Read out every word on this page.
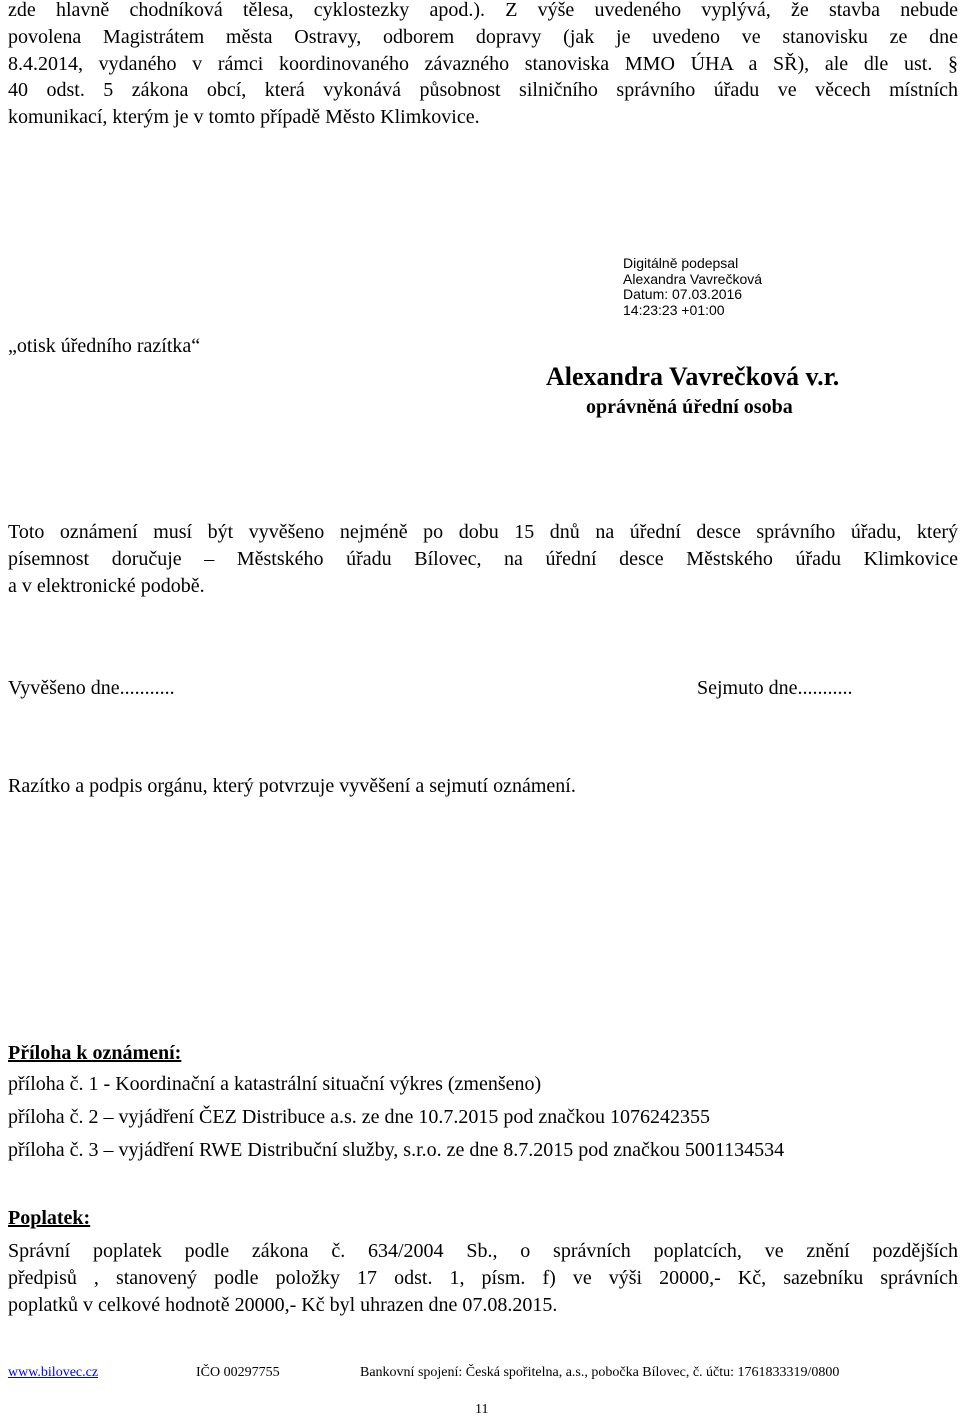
zde hlavně chodníková tělesa, cyklostezky apod.). Z výše uvedeného vyplývá, že stavba nebude
povolena Magistrátem města Ostravy, odborem dopravy (jak je uvedeno ve stanovisku ze dne
8.4.2014, vydaného v rámci koordinovaného závazného stanoviska MMO ÚHA a SŘ), ale dle ust. §
40 odst. 5 zákona obcí, která vykonává působnost silničního správního úřadu ve věcech místních
komunikací, kterým je v tomto případě Město Klimkovice.
Digitálně podepsal
Alexandra Vavrečková
Datum: 07.03.2016
14:23:23 +01:00
„otisk úředního razítka“
Alexandra Vavrečková v.r.
oprávněná úřední osoba
Toto oznámení musí být vyvěšeno nejméně po dobu 15 dnů na úřední desce správního úřadu, který
písemnost doručuje – Městského úřadu Bílovec, na úřední desce Městského úřadu Klimkovice
a v elektronické podobě.
Vyvěšeno dne...........	Sejmuto dne...........
Razítko a podpis orgánu, který potvrzuje vyvěšení a sejmutí oznámení.
Příloha k oznámení:
příloha č. 1 - Koordinační a katastrální situační výkres (zmenšeno)
příloha č. 2 – vyjádření ČEZ Distribuce a.s. ze dne 10.7.2015 pod značkou 1076242355
příloha č. 3 – vyjádření RWE Distribuční služby, s.r.o. ze dne 8.7.2015 pod značkou 5001134534
Poplatek:
Správní poplatek podle zákona č. 634/2004 Sb., o správních poplatcích, ve znění pozdějších
předpisů , stanovený podle položky 17 odst. 1, písm. f) ve výši 20000,- Kč, sazebníku správních
poplatků v celkové hodnotě 20000,- Kč byl uhrazen dne 07.08.2015.
www.bilovec.cz	IČO 00297755	Bankovní spojení: Česká spořitelna, a.s., pobočka Bílovec, č. účtu: 1761833319/0800
11
